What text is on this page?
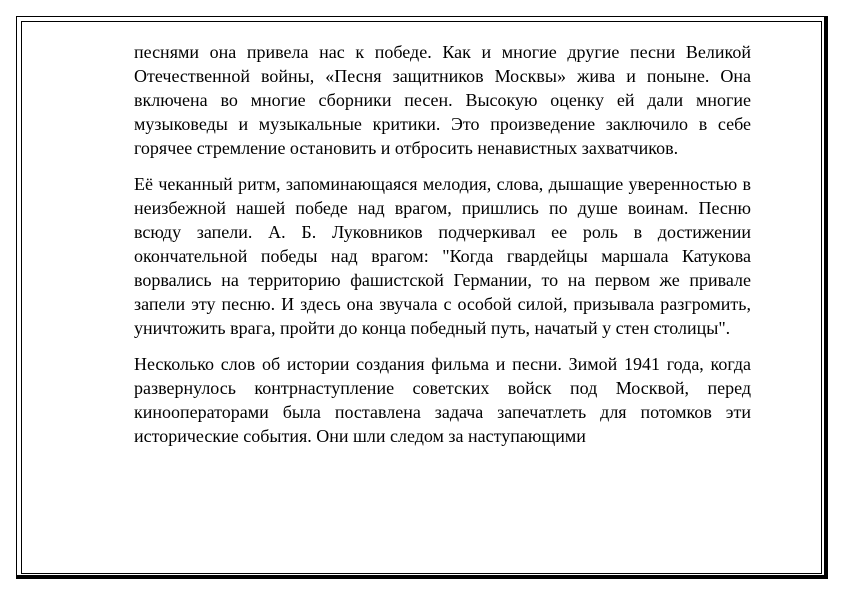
песнями она привела нас к победе. Как и многие другие песни Великой Отечественной войны, «Песня защитников Москвы» жива и поныне. Она включена во многие сборники песен. Высокую оценку ей дали многие музыковеды и музыкальные критики. Это произведение заключило в себе горячее стремление остановить и отбросить ненавистных захватчиков.

Её чеканный ритм, запоминающаяся мелодия, слова, дышащие уверенностью в неизбежной нашей победе над врагом, пришлись по душе воинам. Песню всюду запели. А. Б. Луковников подчеркивал ее роль в достижении окончательной победы над врагом: "Когда гвардейцы маршала Катукова ворвались на территорию фашистской Германии, то на первом же привале запели эту песню. И здесь она звучала с особой силой, призывала разгромить, уничтожить врага, пройти до конца победный путь, начатый у стен столицы".

Несколько слов об истории создания фильма и песни. Зимой 1941 года, когда развернулось контрнаступление советских войск под Москвой, перед кинооператорами была поставлена задача запечатлеть для потомков эти исторические события. Они шли следом за наступающими
